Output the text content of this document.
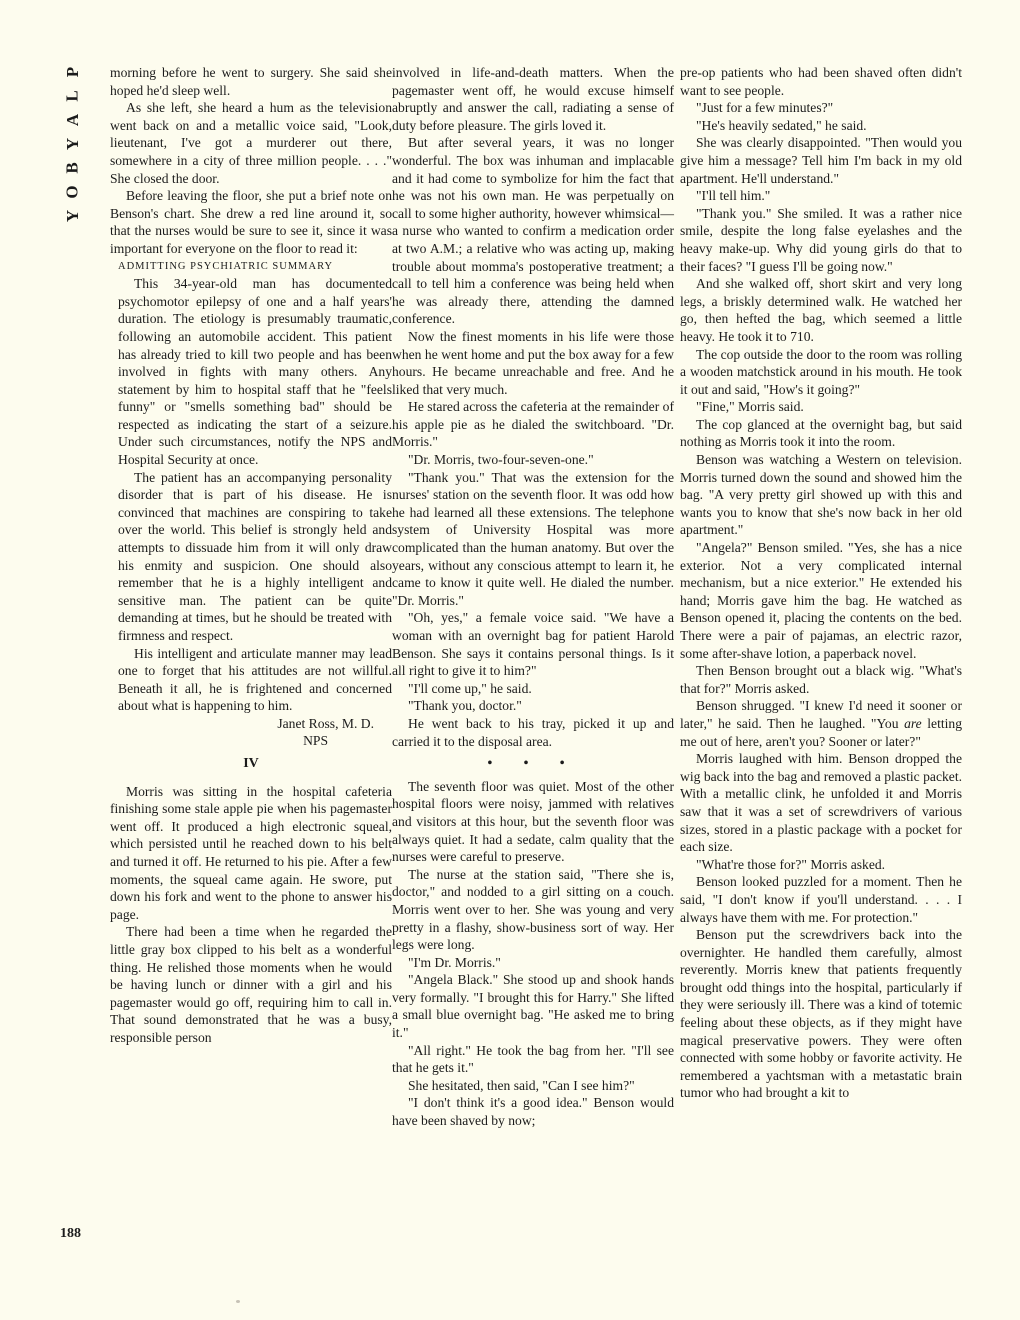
P
L
A
Y
B
O
Y

morning before he went to surgery. She said she hoped he'd sleep well.

As she left, she heard a hum as the television went back on and a metallic voice said, "Look, lieutenant, I've got a murderer out there, somewhere in a city of three million people. . . ." She closed the door.

Before leaving the floor, she put a brief note on Benson's chart. She drew a red line around it, so that the nurses would be sure to see it, since it was important for everyone on the floor to read it:

ADMITTING PSYCHIATRIC SUMMARY

This 34-year-old man has documented psychomotor epilepsy of one and a half years' duration. The etiology is presumably traumatic, following an automobile accident. This patient has already tried to kill two people and has been involved in fights with many others. Any statement by him to hospital staff that he "feels funny" or "smells something bad" should be respected as indicating the start of a seizure. Under such circumstances, notify the NPS and Hospital Security at once.

The patient has an accompanying personality disorder that is part of his disease. He is convinced that machines are conspiring to take over the world. This belief is strongly held and attempts to dissuade him from it will only draw his enmity and suspicion. One should also remember that he is a highly intelligent and sensitive man. The patient can be quite demanding at times, but he should be treated with firmness and respect.

His intelligent and articulate manner may lead one to forget that his attitudes are not willful. Beneath it all, he is frightened and concerned about what is happening to him.

Janet Ross, M. D.
NPS

IV

Morris was sitting in the hospital cafeteria finishing some stale apple pie when his pagemaster went off. It produced a high electronic squeal, which persisted until he reached down to his belt and turned it off. He returned to his pie. After a few moments, the squeal came again. He swore, put down his fork and went to the phone to answer his page.

There had been a time when he regarded the little gray box clipped to his belt as a wonderful thing. He relished those moments when he would be having lunch or dinner with a girl and his pagemaster would go off, requiring him to call in. That sound demonstrated that he was a busy, responsible person

involved in life-and-death matters. When the pagemaster went off, he would excuse himself abruptly and answer the call, radiating a sense of duty before pleasure. The girls loved it.

But after several years, it was no longer wonderful. The box was inhuman and implacable and it had come to symbolize for him the fact that he was not his own man. He was perpetually on call to some higher authority, however whimsical—a nurse who wanted to confirm a medication order at two A.M.; a relative who was acting up, making trouble about momma's postoperative treatment; a call to tell him a conference was being held when he was already there, attending the damned conference.

Now the finest moments in his life were those when he went home and put the box away for a few hours. He became unreachable and free. And he liked that very much.

He stared across the cafeteria at the remainder of his apple pie as he dialed the switchboard. "Dr. Morris."

"Dr. Morris, two-four-seven-one."

"Thank you." That was the extension for the nurses' station on the seventh floor. It was odd how he had learned all these extensions. The telephone system of University Hospital was more complicated than the human anatomy. But over the years, without any conscious attempt to learn it, he came to know it quite well. He dialed the number. "Dr. Morris."

"Oh, yes," a female voice said. "We have a woman with an overnight bag for patient Harold Benson. She says it contains personal things. Is it all right to give it to him?"

"I'll come up," he said.

"Thank you, doctor."

He went back to his tray, picked it up and carried it to the disposal area.

• • •

The seventh floor was quiet. Most of the other hospital floors were noisy, jammed with relatives and visitors at this hour, but the seventh floor was always quiet. It had a sedate, calm quality that the nurses were careful to preserve.

The nurse at the station said, "There she is, doctor," and nodded to a girl sitting on a couch. Morris went over to her. She was young and very pretty in a flashy, show-business sort of way. Her legs were long.

"I'm Dr. Morris."

"Angela Black." She stood up and shook hands very formally. "I brought this for Harry." She lifted a small blue overnight bag. "He asked me to bring it."

"All right." He took the bag from her. "I'll see that he gets it."

She hesitated, then said, "Can I see him?"

"I don't think it's a good idea." Benson would have been shaved by now;

pre-op patients who had been shaved often didn't want to see people.

"Just for a few minutes?"

"He's heavily sedated," he said.

She was clearly disappointed. "Then would you give him a message? Tell him I'm back in my old apartment. He'll understand."

"I'll tell him."

"Thank you." She smiled. It was a rather nice smile, despite the long false eyelashes and the heavy make-up. Why did young girls do that to their faces? "I guess I'll be going now."

And she walked off, short skirt and very long legs, a briskly determined walk. He watched her go, then hefted the bag, which seemed a little heavy. He took it to 710.

The cop outside the door to the room was rolling a wooden matchstick around in his mouth. He took it out and said, "How's it going?"

"Fine," Morris said.

The cop glanced at the overnight bag, but said nothing as Morris took it into the room.

Benson was watching a Western on television. Morris turned down the sound and showed him the bag. "A very pretty girl showed up with this and wants you to know that she's now back in her old apartment."

"Angela?" Benson smiled. "Yes, she has a nice exterior. Not a very complicated internal mechanism, but a nice exterior." He extended his hand; Morris gave him the bag. He watched as Benson opened it, placing the contents on the bed. There were a pair of pajamas, an electric razor, some after-shave lotion, a paperback novel.

Then Benson brought out a black wig. "What's that for?" Morris asked.

Benson shrugged. "I knew I'd need it sooner or later," he said. Then he laughed. "You are letting me out of here, aren't you? Sooner or later?"

Morris laughed with him. Benson dropped the wig back into the bag and removed a plastic packet. With a metallic clink, he unfolded it and Morris saw that it was a set of screwdrivers of various sizes, stored in a plastic package with a pocket for each size.

"What're those for?" Morris asked.

Benson looked puzzled for a moment. Then he said, "I don't know if you'll understand. . . . I always have them with me. For protection."

Benson put the screwdrivers back into the overnighter. He handled them carefully, almost reverently. Morris knew that patients frequently brought odd things into the hospital, particularly if they were seriously ill. There was a kind of totemic feeling about these objects, as if they might have magical preservative powers. They were often connected with some hobby or favorite activity. He remembered a yachtsman with a metastatic brain tumor who had brought a kit to

188
